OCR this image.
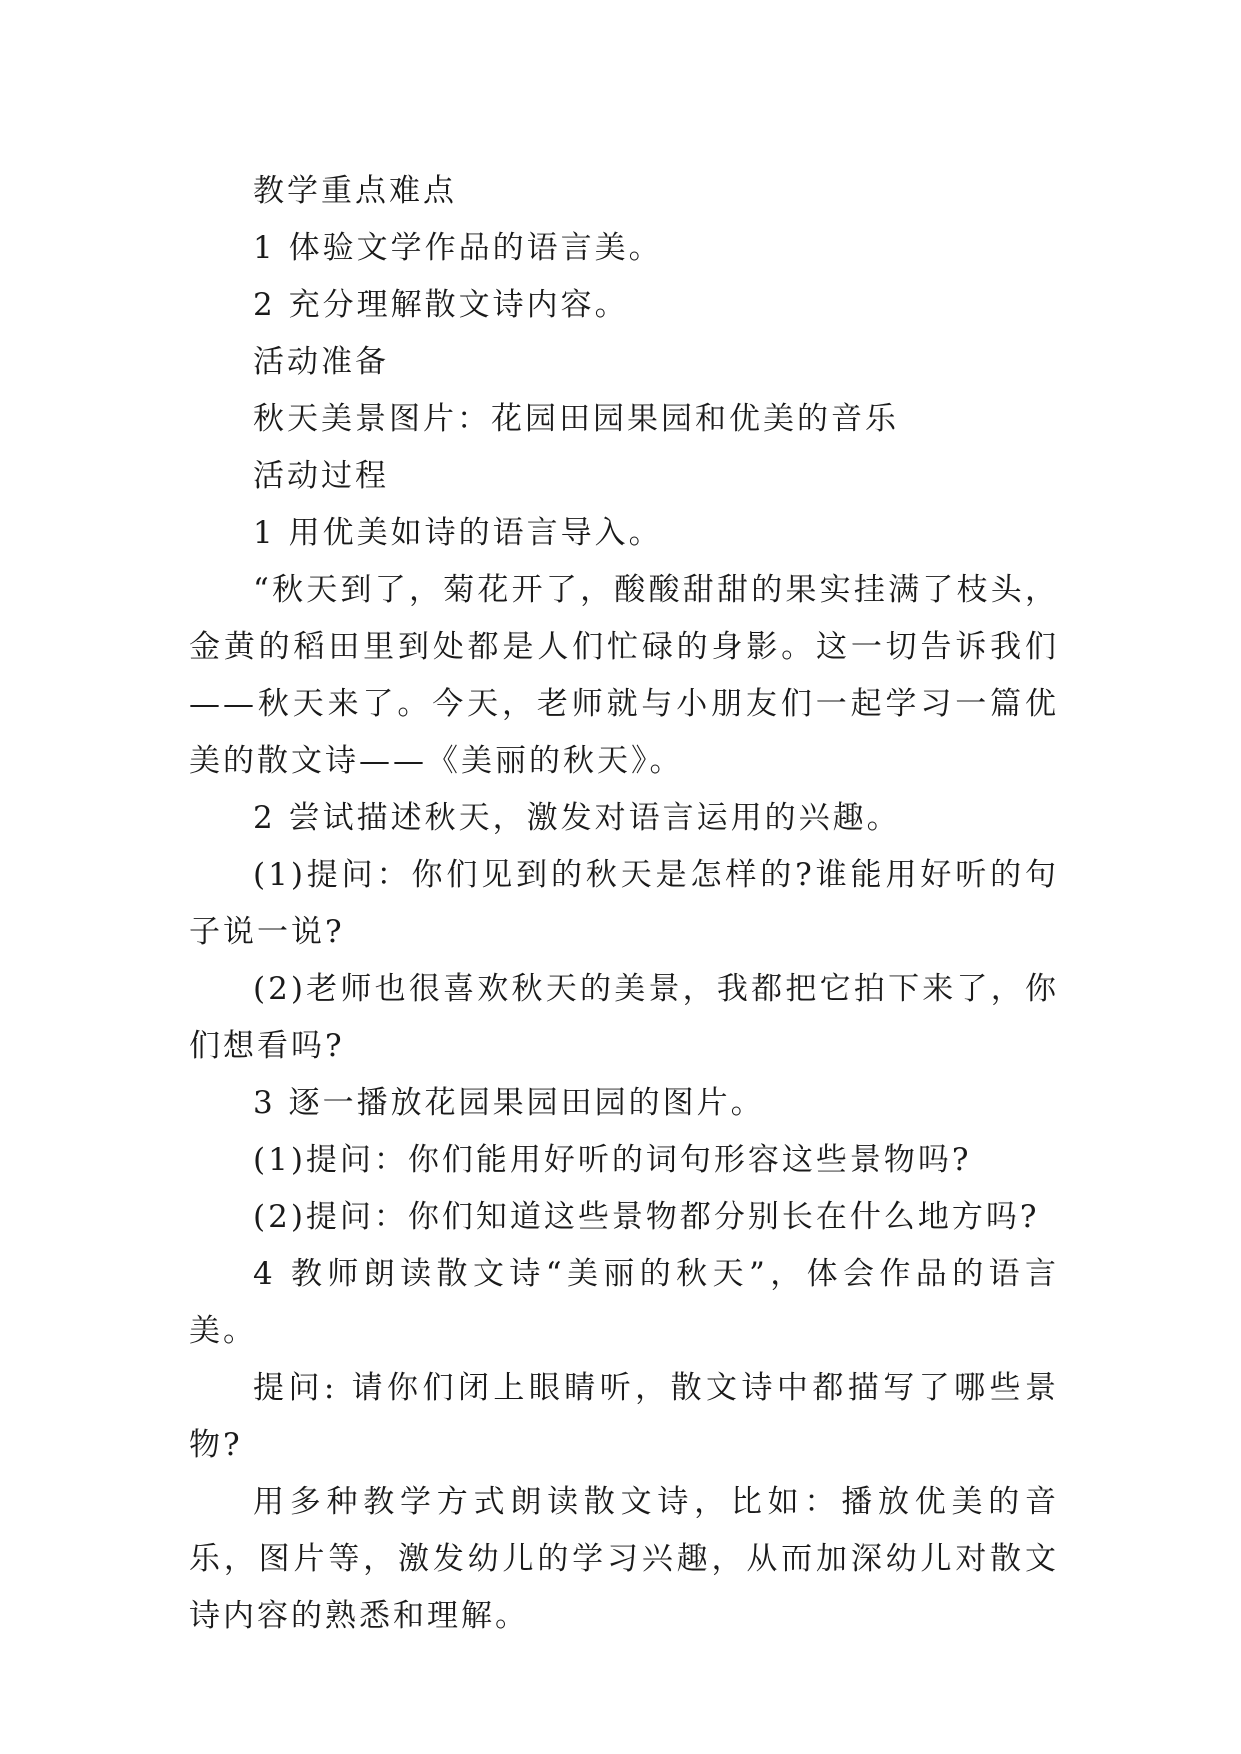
教学重点难点

1 体验文学作品的语言美。

2 充分理解散文诗内容。

活动准备

秋天美景图片：花园田园果园和优美的音乐

活动过程

1 用优美如诗的语言导入。

“秋天到了，菊花开了，酸酸甜甜的果实挂满了枝头，金黄的稻田里到处都是人们忙碌的身影。这一切告诉我们——秋天来了。今天，老师就与小朋友们一起学习一篇优美的散文诗——《美丽的秋天》。

2 尝试描述秋天，激发对语言运用的兴趣。

(1)提问：你们见到的秋天是怎样的?谁能用好听的句子说一说?

(2)老师也很喜欢秋天的美景，我都把它拍下来了，你们想看吗?

3 逐一播放花园果园田园的图片。

(1)提问：你们能用好听的词句形容这些景物吗?

(2)提问：你们知道这些景物都分别长在什么地方吗?

4 教师朗读散文诗“美丽的秋天”，体会作品的语言美。

提问: 请你们闭上眼睛听，散文诗中都描写了哪些景物?

用多种教学方式朗读散文诗，比如：播放优美的音乐，图片等，激发幼儿的学习兴趣，从而加深幼儿对散文诗内容的熟悉和理解。
